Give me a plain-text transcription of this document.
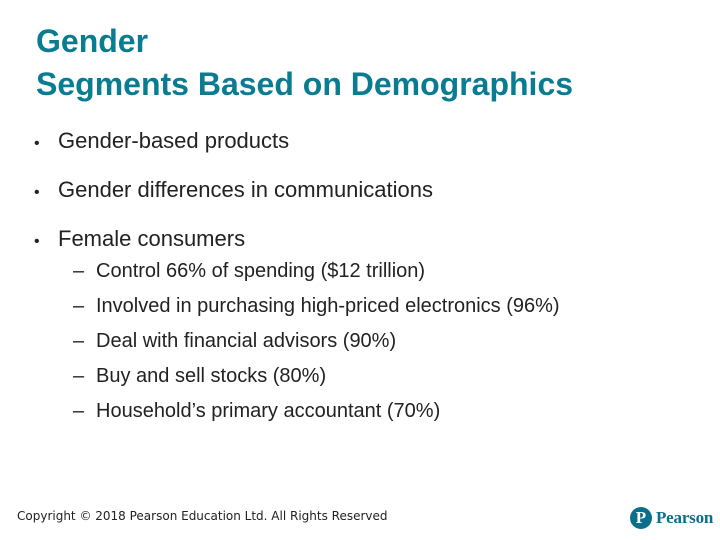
Gender
Segments Based on Demographics
• Gender-based products
• Gender differences in communications
• Female consumers
– Control 66% of spending ($12 trillion)
– Involved in purchasing high-priced electronics (96%)
– Deal with financial advisors (90%)
– Buy and sell stocks (80%)
– Household’s primary accountant (70%)
Copyright © 2018 Pearson Education Ltd. All Rights Reserved	P Pearson
